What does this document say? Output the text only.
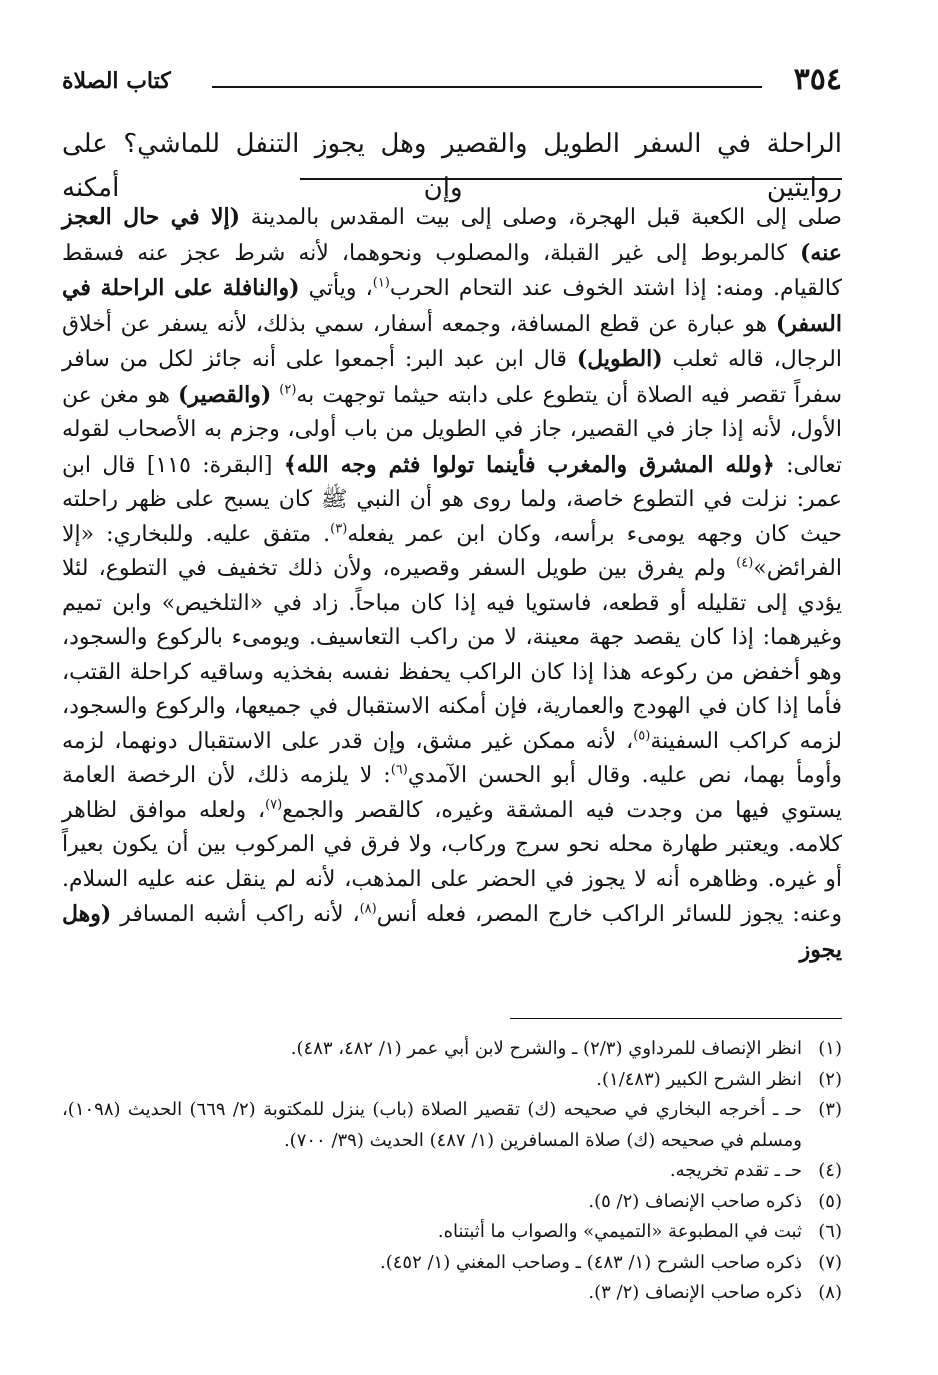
٣٥٤
كتاب الصلاة
الراحلة في السفر الطويل والقصير وهل يجوز التنفل للماشي؟ على روايتين وإن أمكنه
صلى إلى الكعبة قبل الهجرة، وصلى إلى بيت المقدس بالمدينة (إلا في حال العجز عنه) كالمربوط إلى غير القبلة، والمصلوب ونحوهما، لأنه شرط عجز عنه فسقط كالقيام. ومنه: إذا اشتد الخوف عند التحام الحرب$^{(١)}$، ويأتي (والنافلة على الراحلة في السفر) هو عبارة عن قطع المسافة، وجمعه أسفار، سمي بذلك، لأنه يسفر عن أخلاق الرجال، قاله ثعلب (الطويل) قال ابن عبد البر: أجمعوا على أنه جائز لكل من سافر سفراً تقصر فيه الصلاة أن يتطوع على دابته حيثما توجهت به$^{(٢)}$ (والقصير) هو مغن عن الأول، لأنه إذا جاز في القصير، جاز في الطويل من باب أولى، وجزم به الأصحاب لقوله تعالى: ﴿ولله المشرق والمغرب فأينما تولوا فثم وجه الله﴾ [البقرة: ١١٥] قال ابن عمر: نزلت في التطوع خاصة، ولما روى هو أن النبي ﷺ كان يسبح على ظهر راحلته حيث كان وجهه يومىء برأسه، وكان ابن عمر يفعله$^{(٣)}$. متفق عليه. وللبخاري: «إلا الفرائض»$^{(٤)}$ ولم يفرق بين طويل السفر وقصيره، ولأن ذلك تخفيف في التطوع، لئلا يؤدي إلى تقليله أو قطعه، فاستويا فيه إذا كان مباحاً. زاد في «التلخيص» وابن تميم وغيرهما: إذا كان يقصد جهة معينة، لا من راكب التعاسيف. ويومىء بالركوع والسجود، وهو أخفض من ركوعه هذا إذا كان الراكب يحفظ نفسه بفخذيه وساقيه كراحلة القتب، فأما إذا كان في الهودج والعمارية، فإن أمكنه الاستقبال في جميعها، والركوع والسجود، لزمه كراكب السفينة$^{(٥)}$، لأنه ممكن غير مشق، وإن قدر على الاستقبال دونهما، لزمه وأومأ بهما، نص عليه. وقال أبو الحسن الآمدي$^{(٦)}$: لا يلزمه ذلك، لأن الرخصة العامة يستوي فيها من وجدت فيه المشقة وغيره، كالقصر والجمع$^{(٧)}$، ولعله موافق لظاهر كلامه. ويعتبر طهارة محله نحو سرج وركاب، ولا فرق في المركوب بين أن يكون بعيراً أو غيره. وظاهره أنه لا يجوز في الحضر على المذهب، لأنه لم ينقل عنه عليه السلام. وعنه: يجوز للسائر الراكب خارج المصر، فعله أنس$^{(٨)}$، لأنه راكب أشبه المسافر (وهل يجوز
(١)
انظر الإنصاف للمرداوي (٢/٣) ـ والشرح لابن أبي عمر (١/ ٤٨٢، ٤٨٣).
(٢)
انظر الشرح الكبير (١/٤٨٣).
(٣)
حـ ـ أخرجه البخاري في صحيحه (ك) تقصير الصلاة (باب) ينزل للمكتوبة (٢/ ٦٦٩) الحديث (١٠٩٨)، ومسلم في صحيحه (ك) صلاة المسافرين (١/ ٤٨٧) الحديث (٣٩/ ٧٠٠).
(٤)
حـ ـ تقدم تخريجه.
(٥)
ذكره صاحب الإنصاف (٢/ ٥).
(٦)
ثبت في المطبوعة «التميمي» والصواب ما أثبتناه.
(٧)
ذكره صاحب الشرح (١/ ٤٨٣) ـ وصاحب المغني (١/ ٤٥٢).
(٨)
ذكره صاحب الإنصاف (٢/ ٣).
